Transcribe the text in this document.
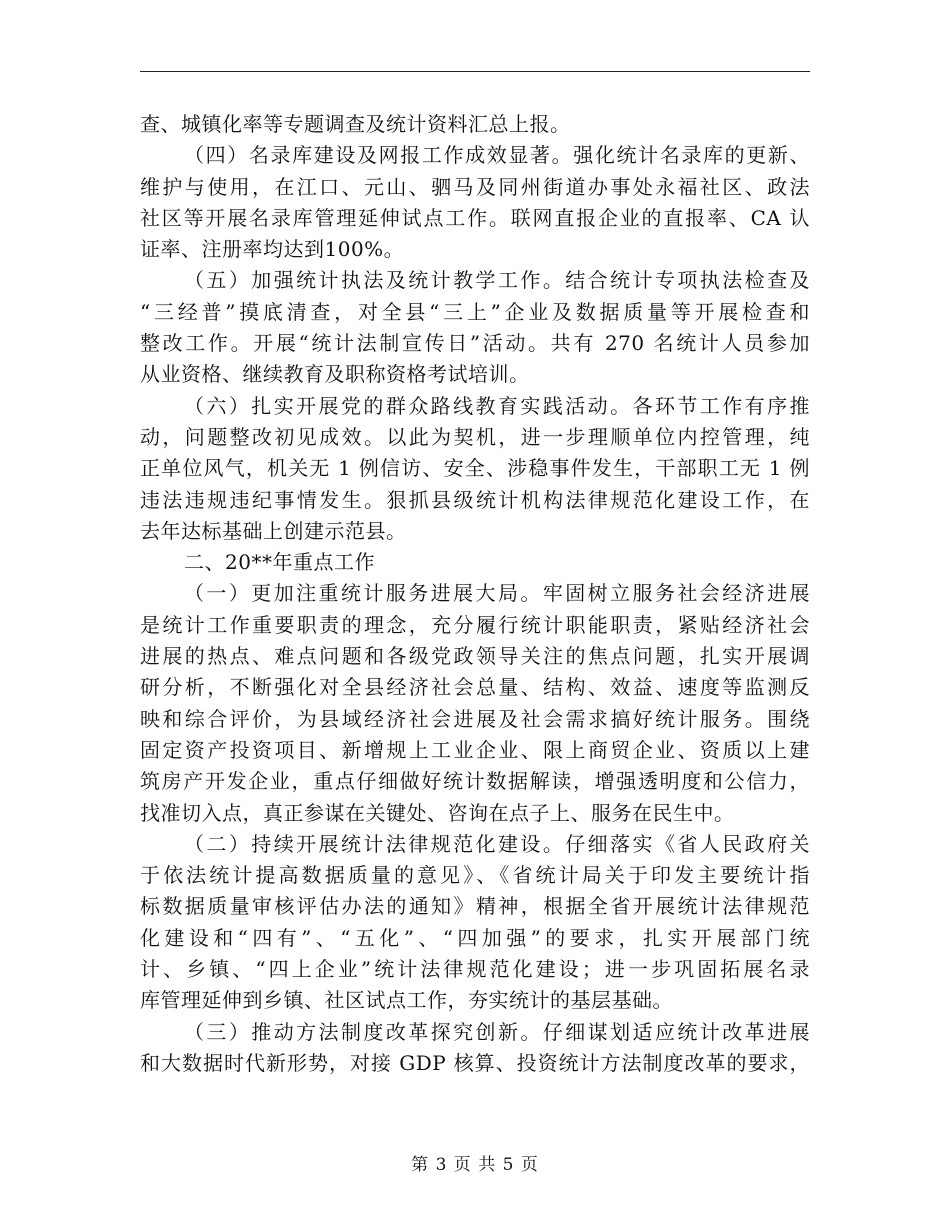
查、城镇化率等专题调查及统计资料汇总上报。
（四）名录库建设及网报工作成效显著。强化统计名录库的更新、
维护与使用，在江口、元山、驷马及同州街道办事处永福社区、政法
社区等开展名录库管理延伸试点工作。联网直报企业的直报率、CA 认
证率、注册率均达到100%。
（五）加强统计执法及统计教学工作。结合统计专项执法检查及
“三经普”摸底清查，对全县“三上”企业及数据质量等开展检查和
整改工作。开展“统计法制宣传日”活动。共有 270 名统计人员参加
从业资格、继续教育及职称资格考试培训。
（六）扎实开展党的群众路线教育实践活动。各环节工作有序推
动，问题整改初见成效。以此为契机，进一步理顺单位内控管理，纯
正单位风气，机关无 1 例信访、安全、涉稳事件发生，干部职工无 1 例
违法违规违纪事情发生。狠抓县级统计机构法律规范化建设工作，在
去年达标基础上创建示范县。
二、20**年重点工作
（一）更加注重统计服务进展大局。牢固树立服务社会经济进展
是统计工作重要职责的理念，充分履行统计职能职责，紧贴经济社会
进展的热点、难点问题和各级党政领导关注的焦点问题，扎实开展调
研分析，不断强化对全县经济社会总量、结构、效益、速度等监测反
映和综合评价，为县域经济社会进展及社会需求搞好统计服务。围绕
固定资产投资项目、新增规上工业企业、限上商贸企业、资质以上建
筑房产开发企业，重点仔细做好统计数据解读，增强透明度和公信力，
找准切入点，真正参谋在关键处、咨询在点子上、服务在民生中。
（二）持续开展统计法律规范化建设。仔细落实《省人民政府关
于依法统计提高数据质量的意见》、《省统计局关于印发主要统计指
标数据质量审核评估办法的通知》精神，根据全省开展统计法律规范
化建设和“四有”、“五化”、“四加强”的要求，扎实开展部门统
计、乡镇、“四上企业”统计法律规范化建设；进一步巩固拓展名录
库管理延伸到乡镇、社区试点工作，夯实统计的基层基础。
（三）推动方法制度改革探究创新。仔细谋划适应统计改革进展
和大数据时代新形势，对接 GDP 核算、投资统计方法制度改革的要求，
第 3 页 共 5 页
